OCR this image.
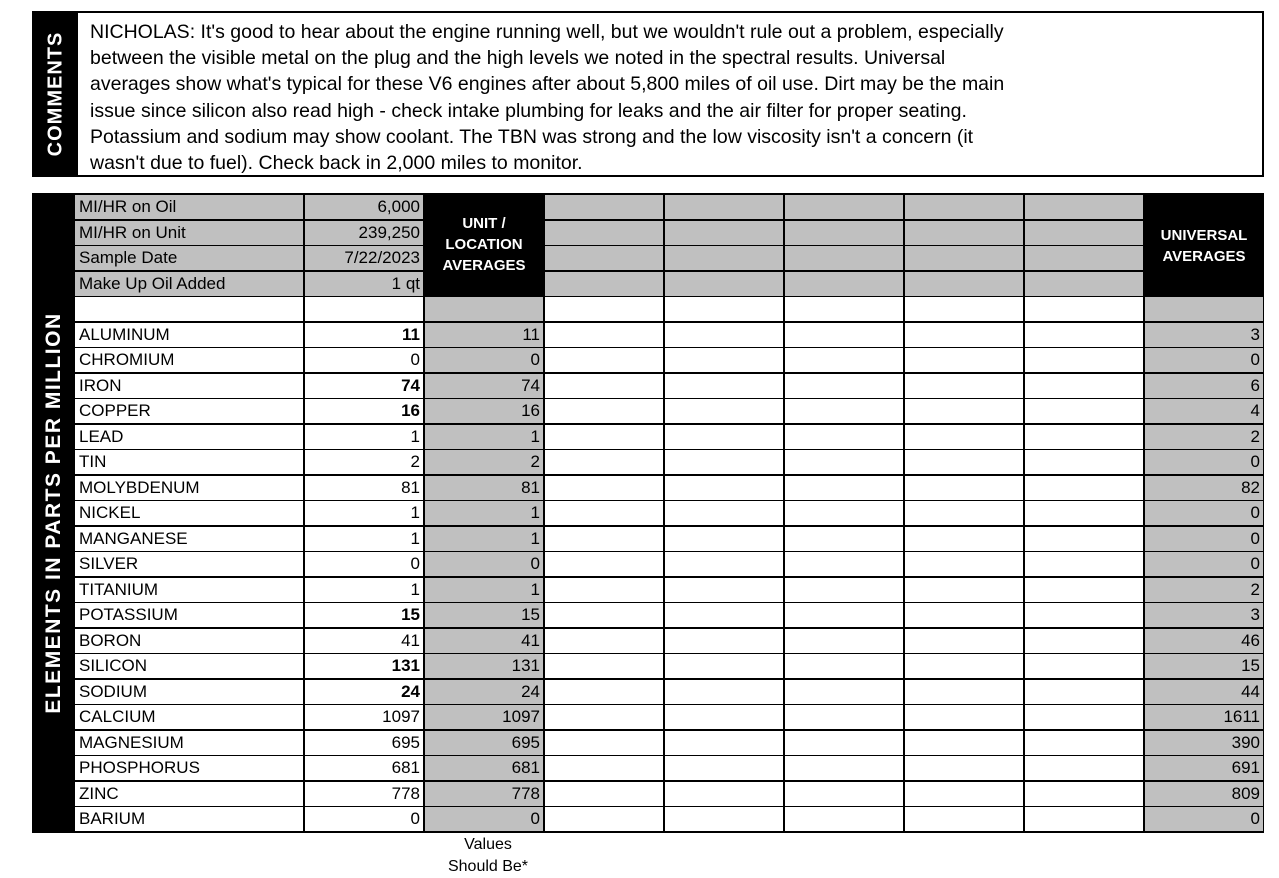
COMMENTS NICHOLAS: It's good to hear about the engine running well, but we wouldn't rule out a problem, especially
between the visible metal on the plug and the high levels we noted in the spectral results. Universal
averages show what's typical for these V6 engines after about 5,800 miles of oil use. Dirt may be the main
issue since silicon also read high - check intake plumbing for leaks and the air filter for proper seating.
Potassium and sodium may show coolant. The TBN was strong and the low viscosity isn't a concern (it
wasn't due to fuel). Check back in 2,000 miles to monitor.
ELEMENTS IN PARTS PER MILLION
MI/HR on Oil	6,000
MI/HR on Unit	239,250
Sample Date	7/22/2023
Make Up Oil Added	1 qt
ALUMINUM	11	11	3
CHROMIUM	0	0	0
IRON	74	74	6
COPPER	16	16	4
LEAD	1	1	2
TIN	2	2	0
MOLYBDENUM	81	81	82
NICKEL	1	1	0
MANGANESE	1	1	0
SILVER	0	0	0
TITANIUM	1	1	2
POTASSIUM	15	15	3
BORON	41	41	46
SILICON	131	131	15
SODIUM	24	24	44
CALCIUM	1097	1097	1611
MAGNESIUM	695	695	390
PHOSPHORUS	681	681	691
ZINC	778	778	809
BARIUM	0	0	0
UNIT /
LOCATION
AVERAGES
UNIVERSAL
AVERAGES
Values
Should Be*
